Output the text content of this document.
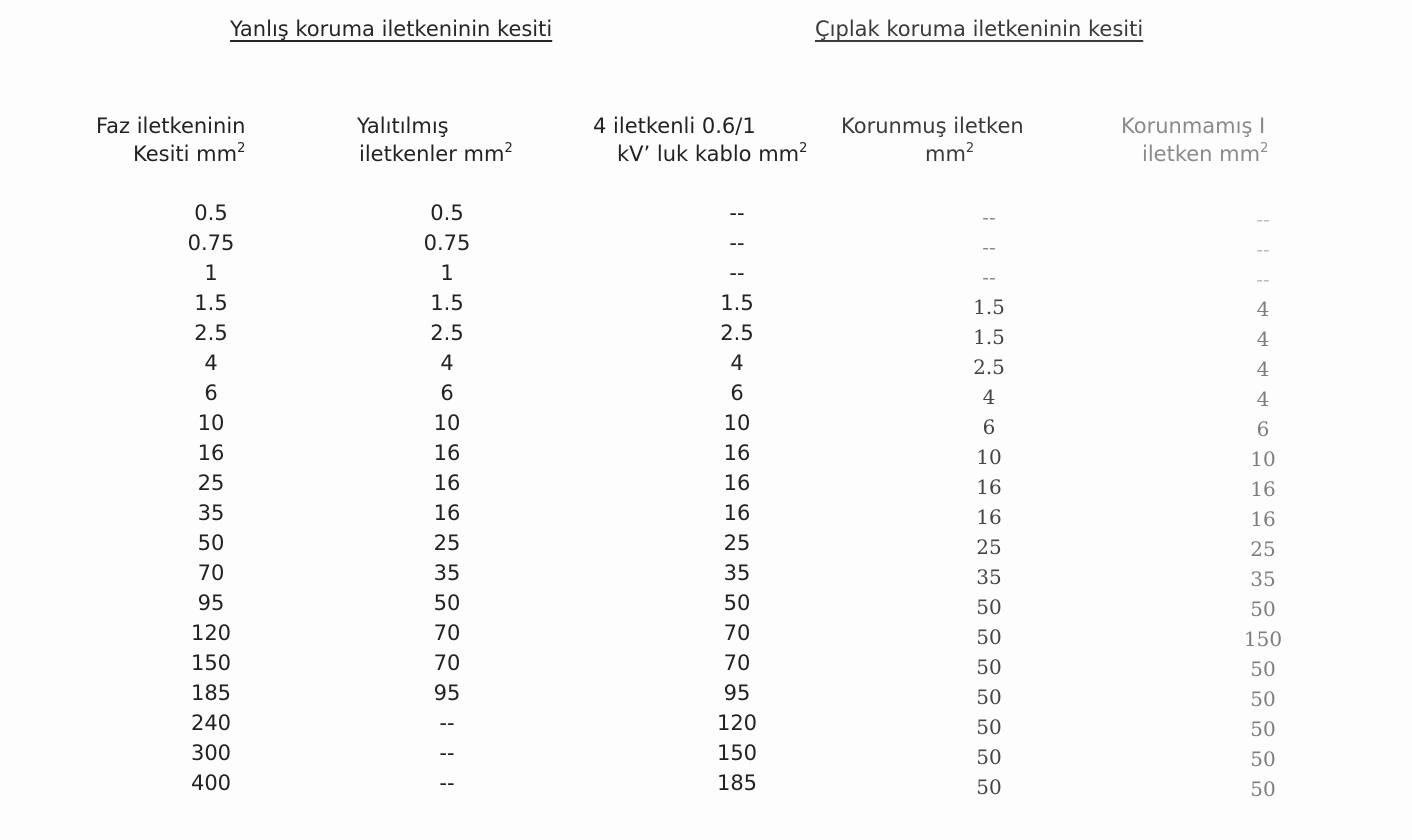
Yanlış koruma iletkeninin kesiti	Çıplak koruma iletkeninin kesiti
Faz iletkeninin
Kesiti $mm^2$
Yalıtılmış
iletkenler $mm^2$
4 iletkenli 0.6/1
kV’ luk kablo $mm^2$
Korunmuş iletken
$mm^2$
Korunmamış I
iletken $mm^2$
0.5
0.75
1
1.5
2.5
4
6
10
16
25
35
50
70
95
120
150
185
240
300
400
0.5
0.75
1
1.5
2.5
4
6
10
16
16
16
25
35
50
70
70
95
--
--
--
--
--
--
1.5
2.5
4
6
10
16
16
16
25
35
50
70
70
95
120
150
185
--
--
--
1.5
1.5
2.5
4
6
10
16
16
25
35
50
50
50
50
50
50
50
--
--
--
4
4
4
4
6
10
16
16
25
35
50
150
50
50
50
50
50
